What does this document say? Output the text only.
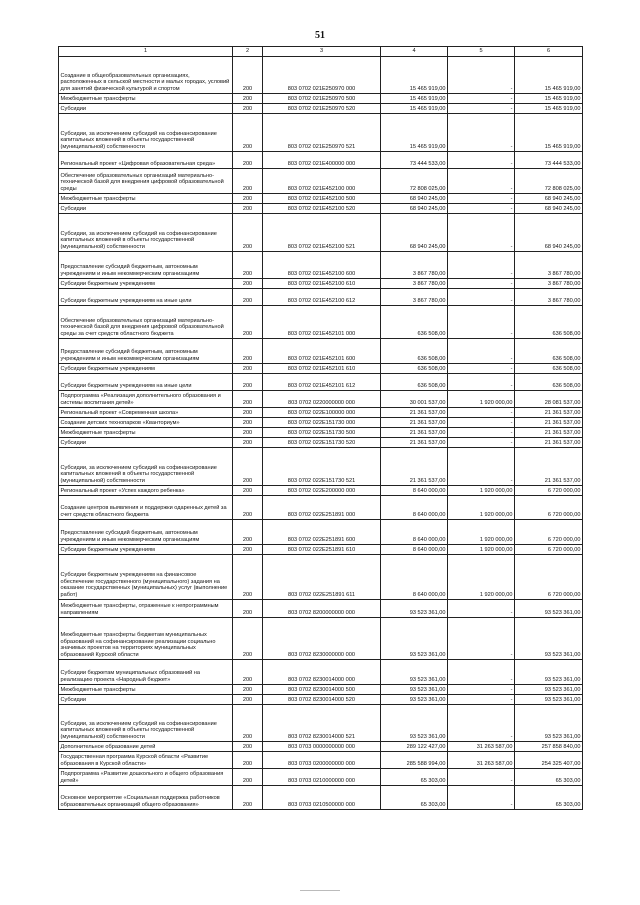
51
1	2	3	4	5	6
Создание в общеобразовательных организациях, расположенных в сельской местности и малых городах, условий для занятий физической культурой и спортом	200	803 0702 021E250970 000	15 465 919,00	-	15 465 919,00
Межбюджетные трансферты	200	803 0702 021E250970 500	15 465 919,00	-	15 465 919,00
Субсидии	200	803 0702 021E250970 520	15 465 919,00	-	15 465 919,00
Субсидии, за исключением субсидий на софинансирование капитальных вложений в объекты государственной (муниципальной) собственности	200	803 0702 021E250970 521	15 465 919,00	-	15 465 919,00
Региональный проект «Цифровая образовательная среда»	200	803 0702 021E400000 000	73 444 533,00	-	73 444 533,00
Обеспечение образовательных организаций материально-технической базой для внедрения цифровой образовательной среды	200	803 0702 021E452100 000	72 808 025,00	-	72 808 025,00
Межбюджетные трансферты	200	803 0702 021E452100 500	68 940 245,00	-	68 940 245,00
Субсидии	200	803 0702 021E452100 520	68 940 245,00	-	68 940 245,00
Субсидии, за исключением субсидий на софинансирование капитальных вложений в объекты государственной (муниципальной) собственности	200	803 0702 021E452100 521	68 940 245,00	-	68 940 245,00
Предоставление субсидий бюджетным, автономным учреждениям и иным некоммерческим организациям	200	803 0702 021E452100 600	3 867 780,00	-	3 867 780,00
Субсидии бюджетным учреждениям	200	803 0702 021E452100 610	3 867 780,00	-	3 867 780,00
Субсидии бюджетным учреждениям на иные цели	200	803 0702 021E452100 612	3 867 780,00	-	3 867 780,00
Обеспечение образовательных организаций материально-технической базой для внедрения цифровой образовательной среды за счет средств областного бюджета	200	803 0702 021E452101 000	636 508,00	-	636 508,00
Предоставление субсидий бюджетным, автономным учреждениям и иным некоммерческим организациям	200	803 0702 021E452101 600	636 508,00	-	636 508,00
Субсидии бюджетным учреждениям	200	803 0702 021E452101 610	636 508,00	-	636 508,00
Субсидии бюджетным учреждениям на иные цели	200	803 0702 021E452101 612	636 508,00	-	636 508,00
Подпрограмма «Реализация дополнительного образования и системы воспитания детей»	200	803 0702 0220000000 000	30 001 537,00	1 920 000,00	28 081 537,00
Региональный проект «Современная школа»	200	803 0702 022E100000 000	21 361 537,00	-	21 361 537,00
Создание детских технопарков «Кванториум»	200	803 0702 022E151730 000	21 361 537,00	-	21 361 537,00
Межбюджетные трансферты	200	803 0702 022E151730 500	21 361 537,00	-	21 361 537,00
Субсидии	200	803 0702 022E151730 520	21 361 537,00	-	21 361 537,00
Субсидии, за исключением субсидий на софинансирование капитальных вложений в объекты государственной (муниципальной) собственности	200	803 0702 022E151730 521	21 361 537,00	-	21 361 537,00
Региональный проект «Успех каждого ребенка»	200	803 0702 022E200000 000	8 640 000,00	1 920 000,00	6 720 000,00
Создание центров выявления и поддержки одаренных детей за счет средств областного бюджета	200	803 0702 022E251891 000	8 640 000,00	1 920 000,00	6 720 000,00
Предоставление субсидий бюджетным, автономным учреждениям и иным некоммерческим организациям	200	803 0702 022E251891 600	8 640 000,00	1 920 000,00	6 720 000,00
Субсидии бюджетным учреждениям	200	803 0702 022E251891 610	8 640 000,00	1 920 000,00	6 720 000,00
Субсидии бюджетным учреждениям на финансовое обеспечение государственного (муниципального) задания на оказание государственных (муниципальных) услуг (выполнение работ)	200	803 0702 022E251891 611	8 640 000,00	1 920 000,00	6 720 000,00
Межбюджетные трансферты, отраженные к непрограммным направлениям	200	803 0702 8200000000 000	93 523 361,00	-	93 523 361,00
Межбюджетные трансферты бюджетам муниципальных образований на софинансирование реализации социально значимых проектов на территориях муниципальных образований Курской области	200	803 0702 8230000000 000	93 523 361,00	-	93 523 361,00
Субсидии бюджетам муниципальных образований на реализацию проекта «Народный бюджет»	200	803 0702 8230014000 000	93 523 361,00	-	93 523 361,00
Межбюджетные трансферты	200	803 0702 8230014000 500	93 523 361,00	-	93 523 361,00
Субсидии	200	803 0702 8230014000 520	93 523 361,00	-	93 523 361,00
Субсидии, за исключением субсидий на софинансирование капитальных вложений в объекты государственной (муниципальной) собственности	200	803 0702 8230014000 521	93 523 361,00	-	93 523 361,00
Дополнительное образование детей	200	803 0703 0000000000 000	289 122 427,00	31 263 587,00	257 858 840,00
Государственная программа Курской области «Развитие образования в Курской области»	200	803 0703 0200000000 000	285 588 994,00	31 263 587,00	254 325 407,00
Подпрограмма «Развитие дошкольного и общего образования детей»	200	803 0703 0210000000 000	65 303,00	-	65 303,00
Основное мероприятие «Социальная поддержка работников образовательных организаций общего образования»	200	803 0703 0210500000 000	65 303,00	-	65 303,00
